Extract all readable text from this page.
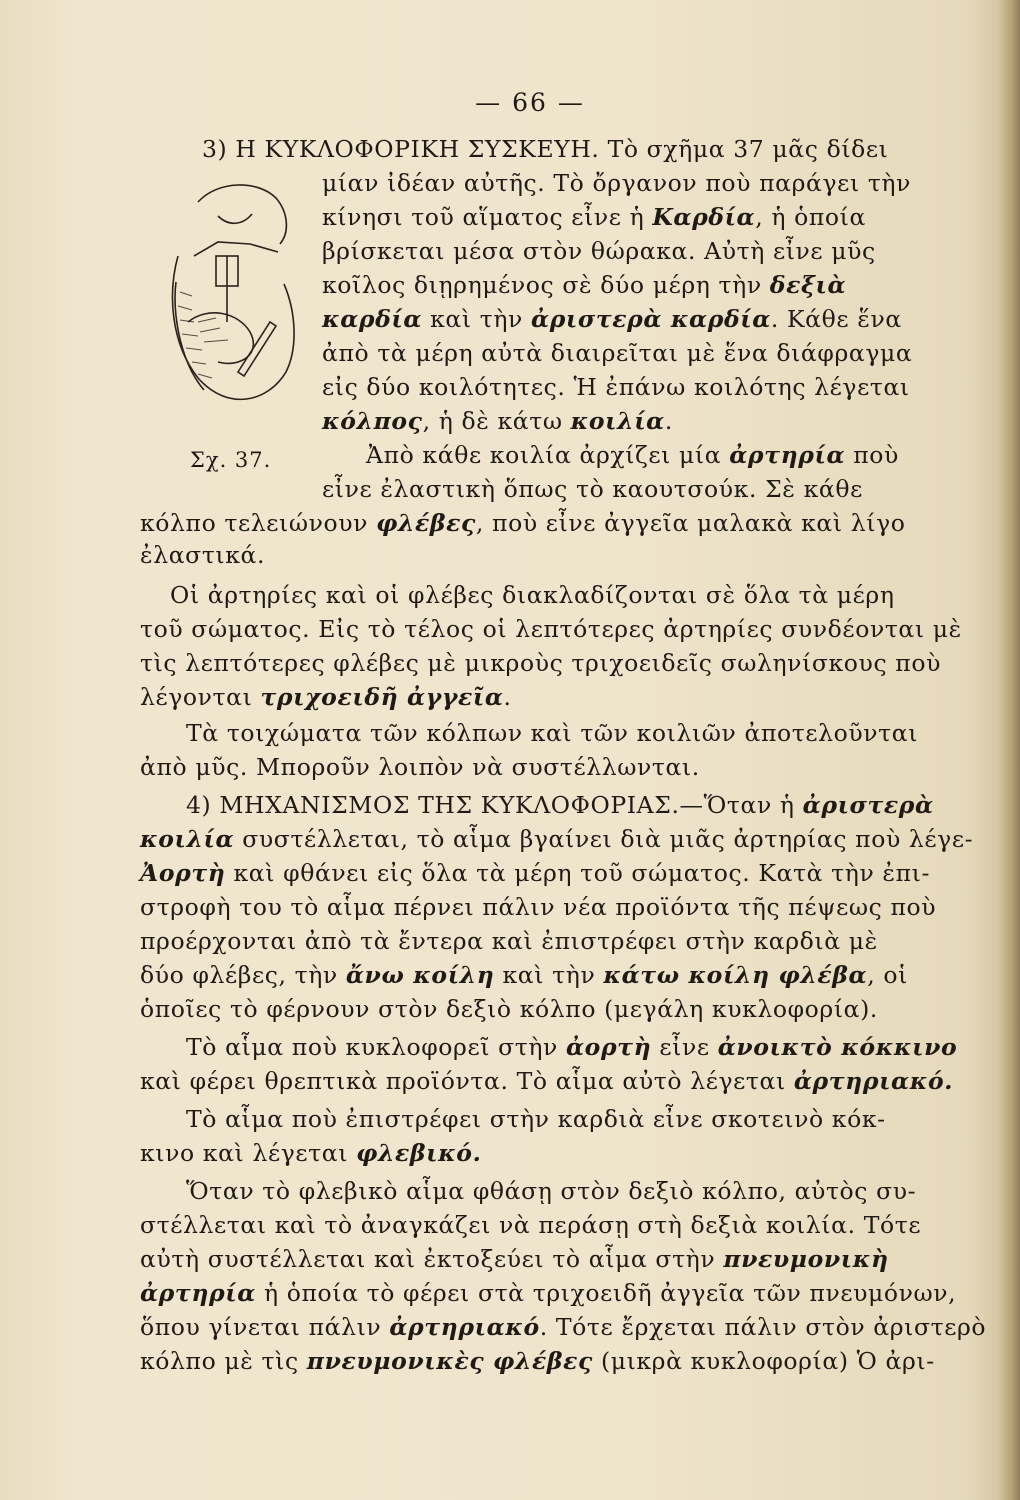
— 66 —
Σχ. 37.
3) Η ΚΥΚΛΟΦΟΡΙΚΗ ΣΥΣΚΕΥΗ. Τὸ σχῆμα 37 μᾶς δίδει
μίαν ἰδέαν αὐτῆς. Τὸ ὄργανον ποὺ παράγει τὴν
κίνησι τοῦ αἵματος εἶνε ἡ Καρδία, ἡ ὁποία
βρίσκεται μέσα στὸν θώρακα. Αὐτὴ εἶνε μῦς
κοῖλος διῃρημένος σὲ δύο μέρη τὴν δεξιὰ
καρδία καὶ τὴν ἀριστερὰ καρδία. Κάθε ἕνα
ἀπὸ τὰ μέρη αὐτὰ διαιρεῖται μὲ ἕνα διάφραγμα
εἰς δύο κοιλότητες. Ἡ ἐπάνω κοιλότης λέγεται
κόλπος, ἡ δὲ κάτω κοιλία.
Ἀπὸ κάθε κοιλία ἀρχίζει μία ἀρτηρία ποὺ
εἶνε ἐλαστικὴ ὅπως τὸ καουτσούκ. Σὲ κάθε
κόλπο τελειώνουν φλέβες, ποὺ εἶνε ἀγγεῖα μαλακὰ καὶ λίγο
ἐλαστικά.
Οἱ ἀρτηρίες καὶ οἱ φλέβες διακλαδίζονται σὲ ὅλα τὰ μέρη
τοῦ σώματος. Εἰς τὸ τέλος οἱ λεπτότερες ἀρτηρίες συνδέονται μὲ
τὶς λεπτότερες φλέβες μὲ μικροὺς τριχοειδεῖς σωληνίσκους ποὺ
λέγονται τριχοειδῆ ἀγγεῖα.
Τὰ τοιχώματα τῶν κόλπων καὶ τῶν κοιλιῶν ἀποτελοῦνται
ἀπὸ μῦς. Μποροῦν λοιπὸν νὰ συστέλλωνται.
4) ΜΗΧΑΝΙΣΜΟΣ ΤΗΣ ΚΥΚΛΟΦΟΡΙΑΣ.—Ὅταν ἡ ἀριστερὰ
κοιλία συστέλλεται, τὸ αἷμα βγαίνει διὰ μιᾶς ἀρτηρίας ποὺ λέγε-
Ἀορτὴ καὶ φθάνει εἰς ὅλα τὰ μέρη τοῦ σώματος. Κατὰ τὴν ἐπι-
στροφὴ του τὸ αἷμα πέρνει πάλιν νέα προϊόντα τῆς πέψεως ποὺ
προέρχονται ἀπὸ τὰ ἔντερα καὶ ἐπιστρέφει στὴν καρδιὰ μὲ
δύο φλέβες, τὴν ἄνω κοίλη καὶ τὴν κάτω κοίλη φλέβα, οἱ
ὁποῖες τὸ φέρνουν στὸν δεξιὸ κόλπο (μεγάλη κυκλοφορία).
Τὸ αἷμα ποὺ κυκλοφορεῖ στὴν ἀορτὴ εἶνε ἀνοικτὸ κόκκινο
καὶ φέρει θρεπτικὰ προϊόντα. Τὸ αἷμα αὐτὸ λέγεται ἀρτηριακό.
Τὸ αἷμα ποὺ ἐπιστρέφει στὴν καρδιὰ εἶνε σκοτεινὸ κόκ-
κινο καὶ λέγεται φλεβικό.
Ὅταν τὸ φλεβικὸ αἷμα φθάσῃ στὸν δεξιὸ κόλπο, αὐτὸς συ-
στέλλεται καὶ τὸ ἀναγκάζει νὰ περάσῃ στὴ δεξιὰ κοιλία. Τότε
αὐτὴ συστέλλεται καὶ ἐκτοξεύει τὸ αἷμα στὴν πνευμονικὴ
ἀρτηρία ἡ ὁποία τὸ φέρει στὰ τριχοειδῆ ἀγγεῖα τῶν πνευμόνων,
ὅπου γίνεται πάλιν ἀρτηριακό. Τότε ἔρχεται πάλιν στὸν ἀριστερὸ
κόλπο μὲ τὶς πνευμονικὲς φλέβες (μικρὰ κυκλοφορία) Ὁ ἀρι-
